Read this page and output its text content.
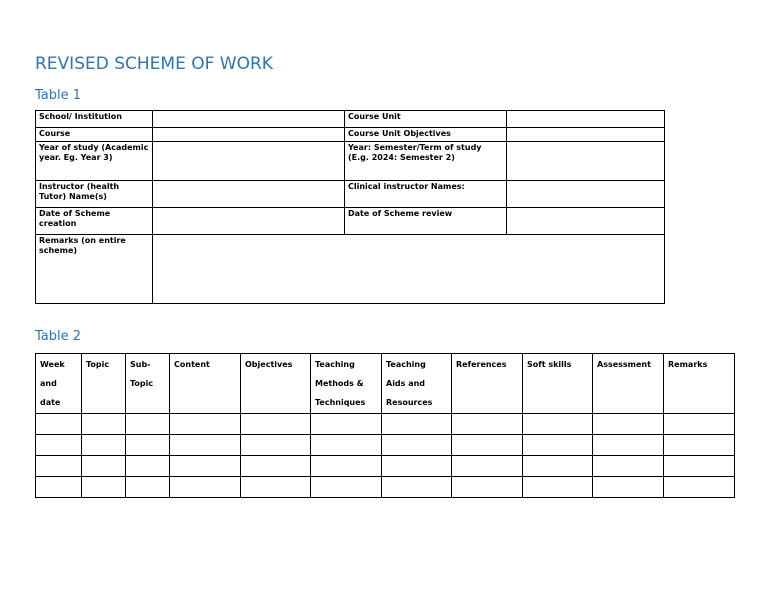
REVISED SCHEME OF WORK
Table 1
School/ Institution		Course Unit	
Course		Course Unit Objectives	
Year of study (Academic year. Eg. Year 3)		Year: Semester/Term of study (E.g. 2024: Semester 2)	
Instructor (health Tutor) Name(s)		Clinical instructor Names:	
Date of Scheme creation		Date of Scheme review	
Remarks (on entire scheme)			
Table 2
Week and date	Topic	Sub-Topic	Content	Objectives	Teaching Methods & Techniques	Teaching Aids and Resources	References	Soft skills	Assessment	Remarks
